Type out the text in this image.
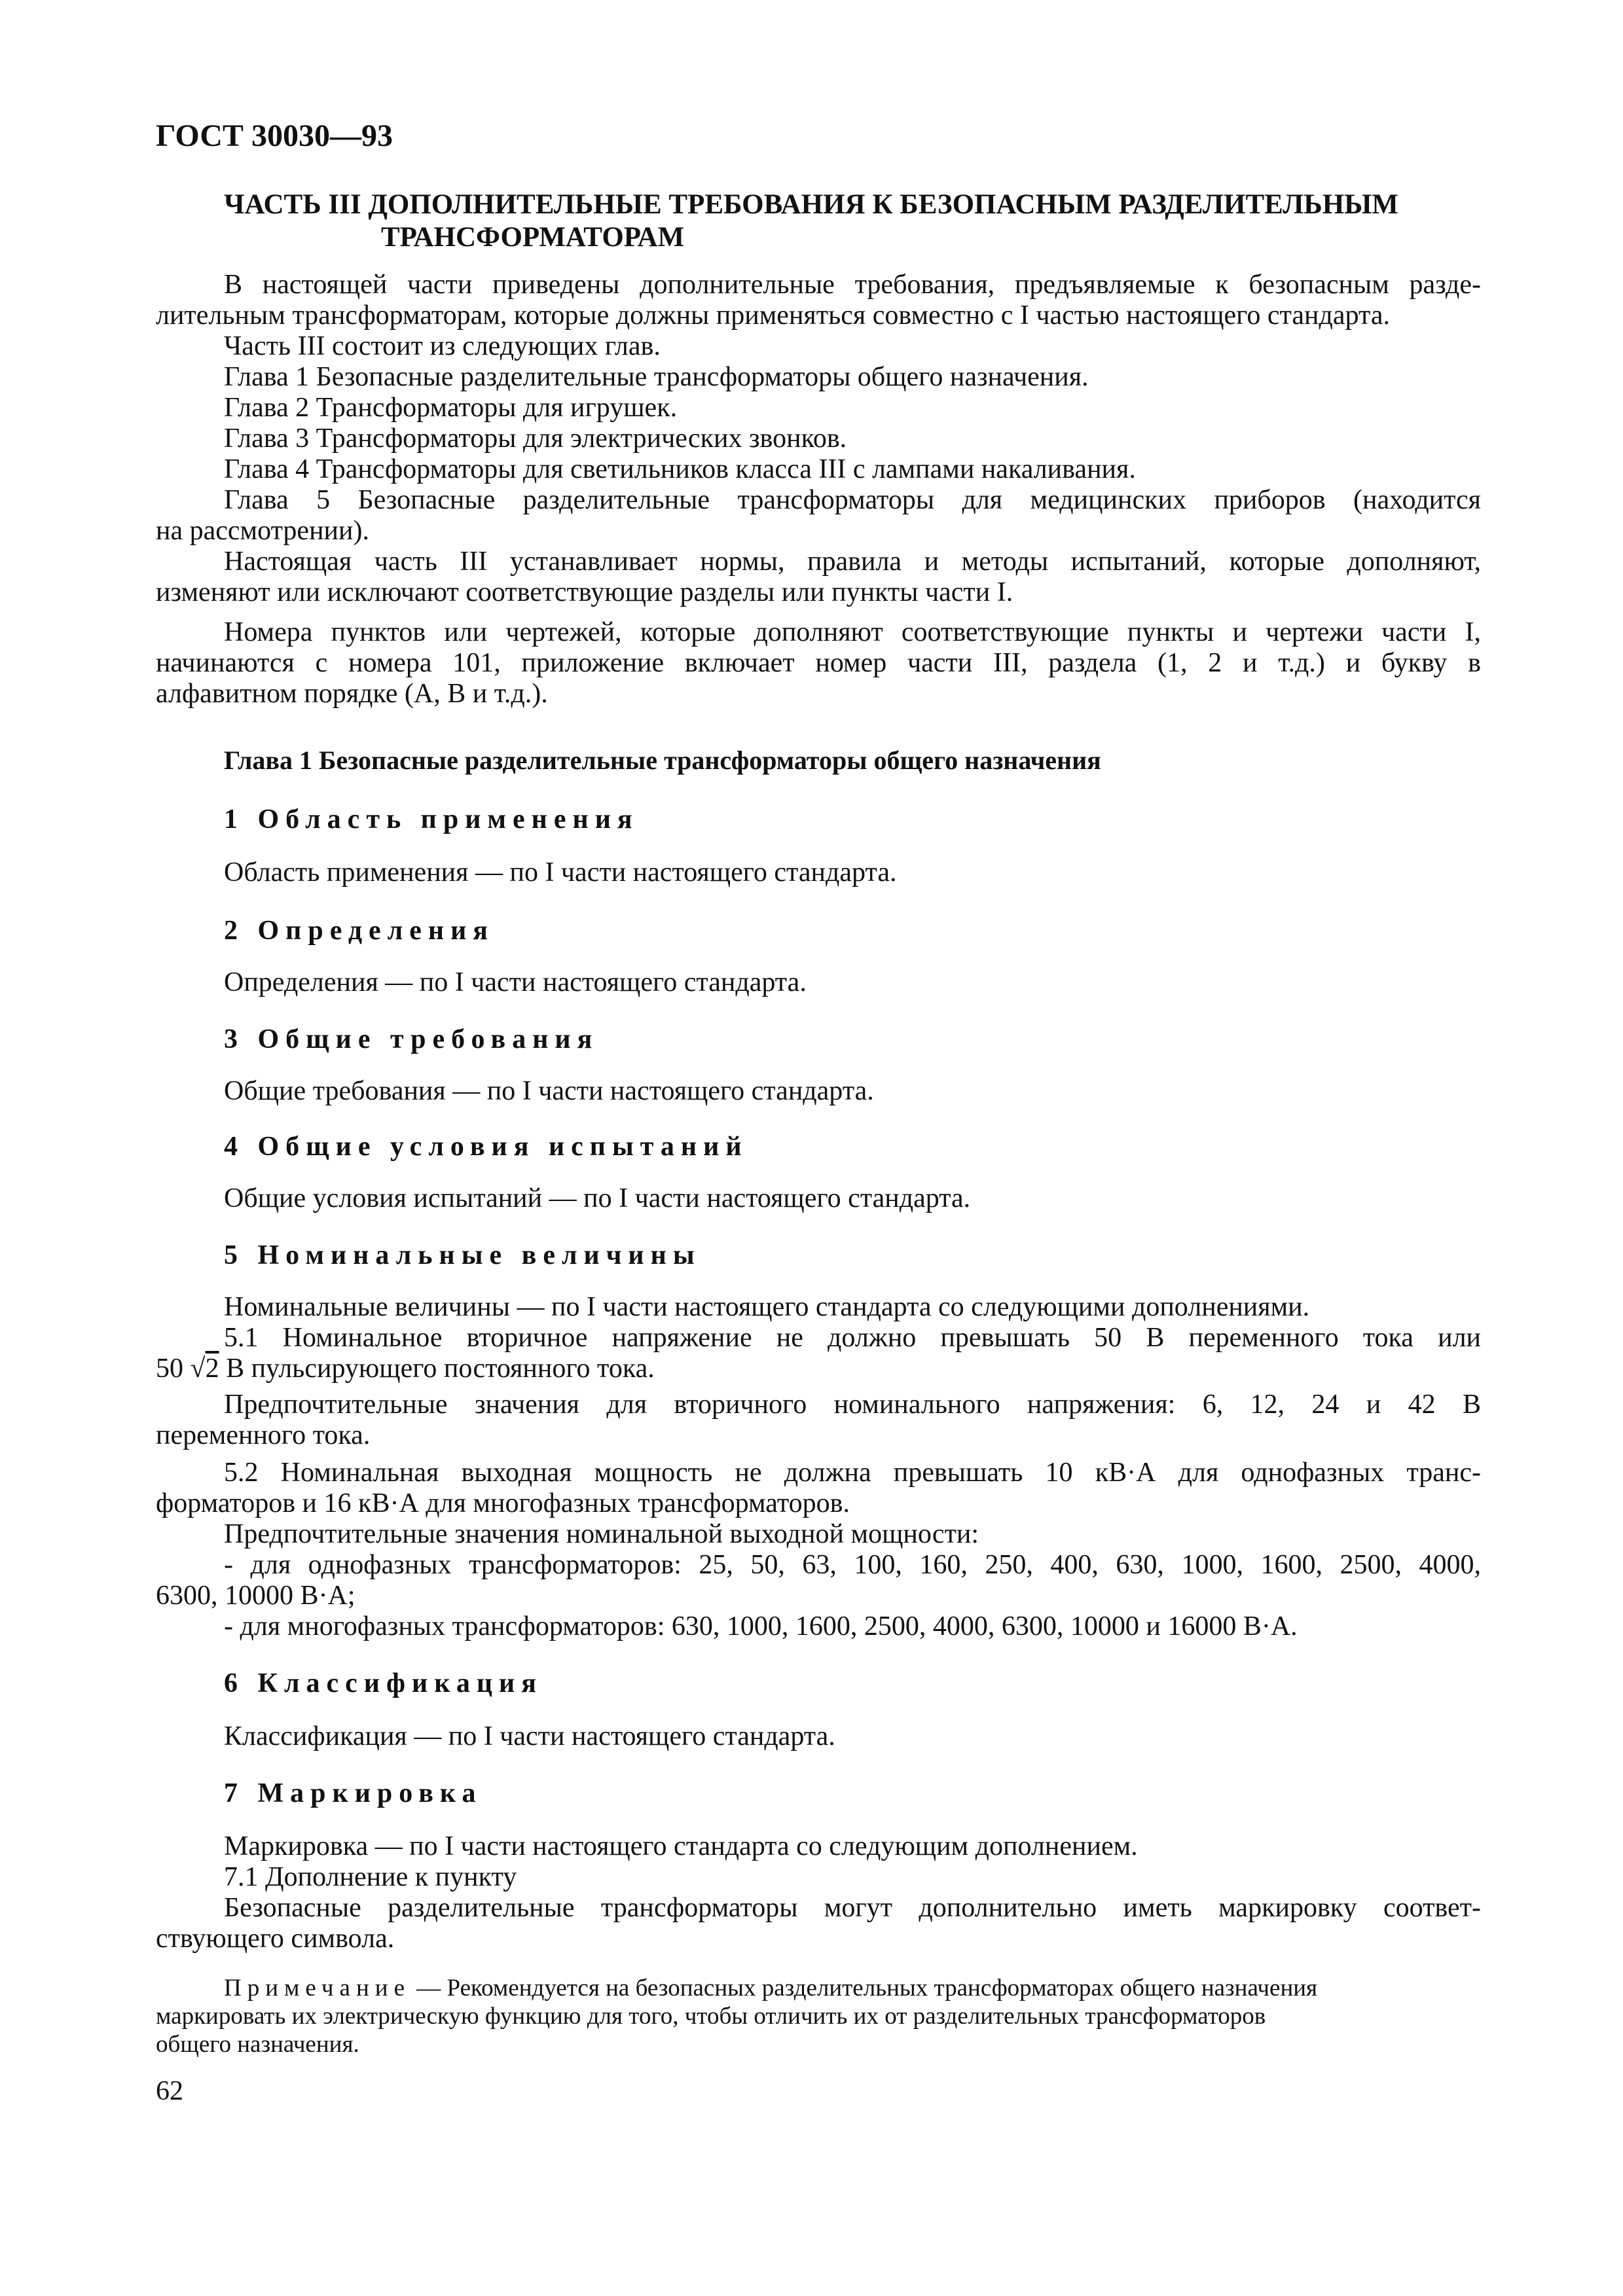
ГОСТ 30030—93
ЧАСТЬ III ДОПОЛНИТЕЛЬНЫЕ ТРЕБОВАНИЯ К БЕЗОПАСНЫМ РАЗДЕЛИТЕЛЬНЫМ
ТРАНСФОРМАТОРАМ
В настоящей части приведены дополнительные требования, предъявляемые к безопасным разде-
лительным трансформаторам, которые должны применяться совместно с I частью настоящего стандарта.
Часть III состоит из следующих глав.
Глава 1 Безопасные разделительные трансформаторы общего назначения.
Глава 2 Трансформаторы для игрушек.
Глава 3 Трансформаторы для электрических звонков.
Глава 4 Трансформаторы для светильников класса III с лампами накаливания.
Глава 5 Безопасные разделительные трансформаторы для медицинских приборов (находится
на рассмотрении).
Настоящая часть III устанавливает нормы, правила и методы испытаний, которые дополняют,
изменяют или исключают соответствующие разделы или пункты части I.
Номера пунктов или чертежей, которые дополняют соответствующие пункты и чертежи части I,
начинаются с номера 101, приложение включает номер части III, раздела (1, 2 и т.д.) и букву в
алфавитном порядке (А, В и т.д.).
Глава 1 Безопасные разделительные трансформаторы общего назначения
1 Область применения
Область применения — по I части настоящего стандарта.
2 Определения
Определения — по I части настоящего стандарта.
3 Общие требования
Общие требования — по I части настоящего стандарта.
4 Общие условия испытаний
Общие условия испытаний — по I части настоящего стандарта.
5 Номинальные величины
Номинальные величины — по I части настоящего стандарта со следующими дополнениями.
5.1 Номинальное вторичное напряжение не должно превышать 50 В переменного тока или
50 √2 В пульсирующего постоянного тока.
Предпочтительные значения для вторичного номинального напряжения: 6, 12, 24 и 42 В
переменного тока.
5.2 Номинальная выходная мощность не должна превышать 10 кВ·А для однофазных транс-
форматоров и 16 кВ·А для многофазных трансформаторов.
Предпочтительные значения номинальной выходной мощности:
- для однофазных трансформаторов: 25, 50, 63, 100, 160, 250, 400, 630, 1000, 1600, 2500, 4000,
6300, 10000 В·А;
- для многофазных трансформаторов: 630, 1000, 1600, 2500, 4000, 6300, 10000 и 16000 В·А.
6 Классификация
Классификация — по I части настоящего стандарта.
7 Маркировка
Маркировка — по I части настоящего стандарта со следующим дополнением.
7.1 Дополнение к пункту
Безопасные разделительные трансформаторы могут дополнительно иметь маркировку соответ-
ствующего символа.
Примечание — Рекомендуется на безопасных разделительных трансформаторах общего назначения
маркировать их электрическую функцию для того, чтобы отличить их от разделительных трансформаторов
общего назначения.
62
